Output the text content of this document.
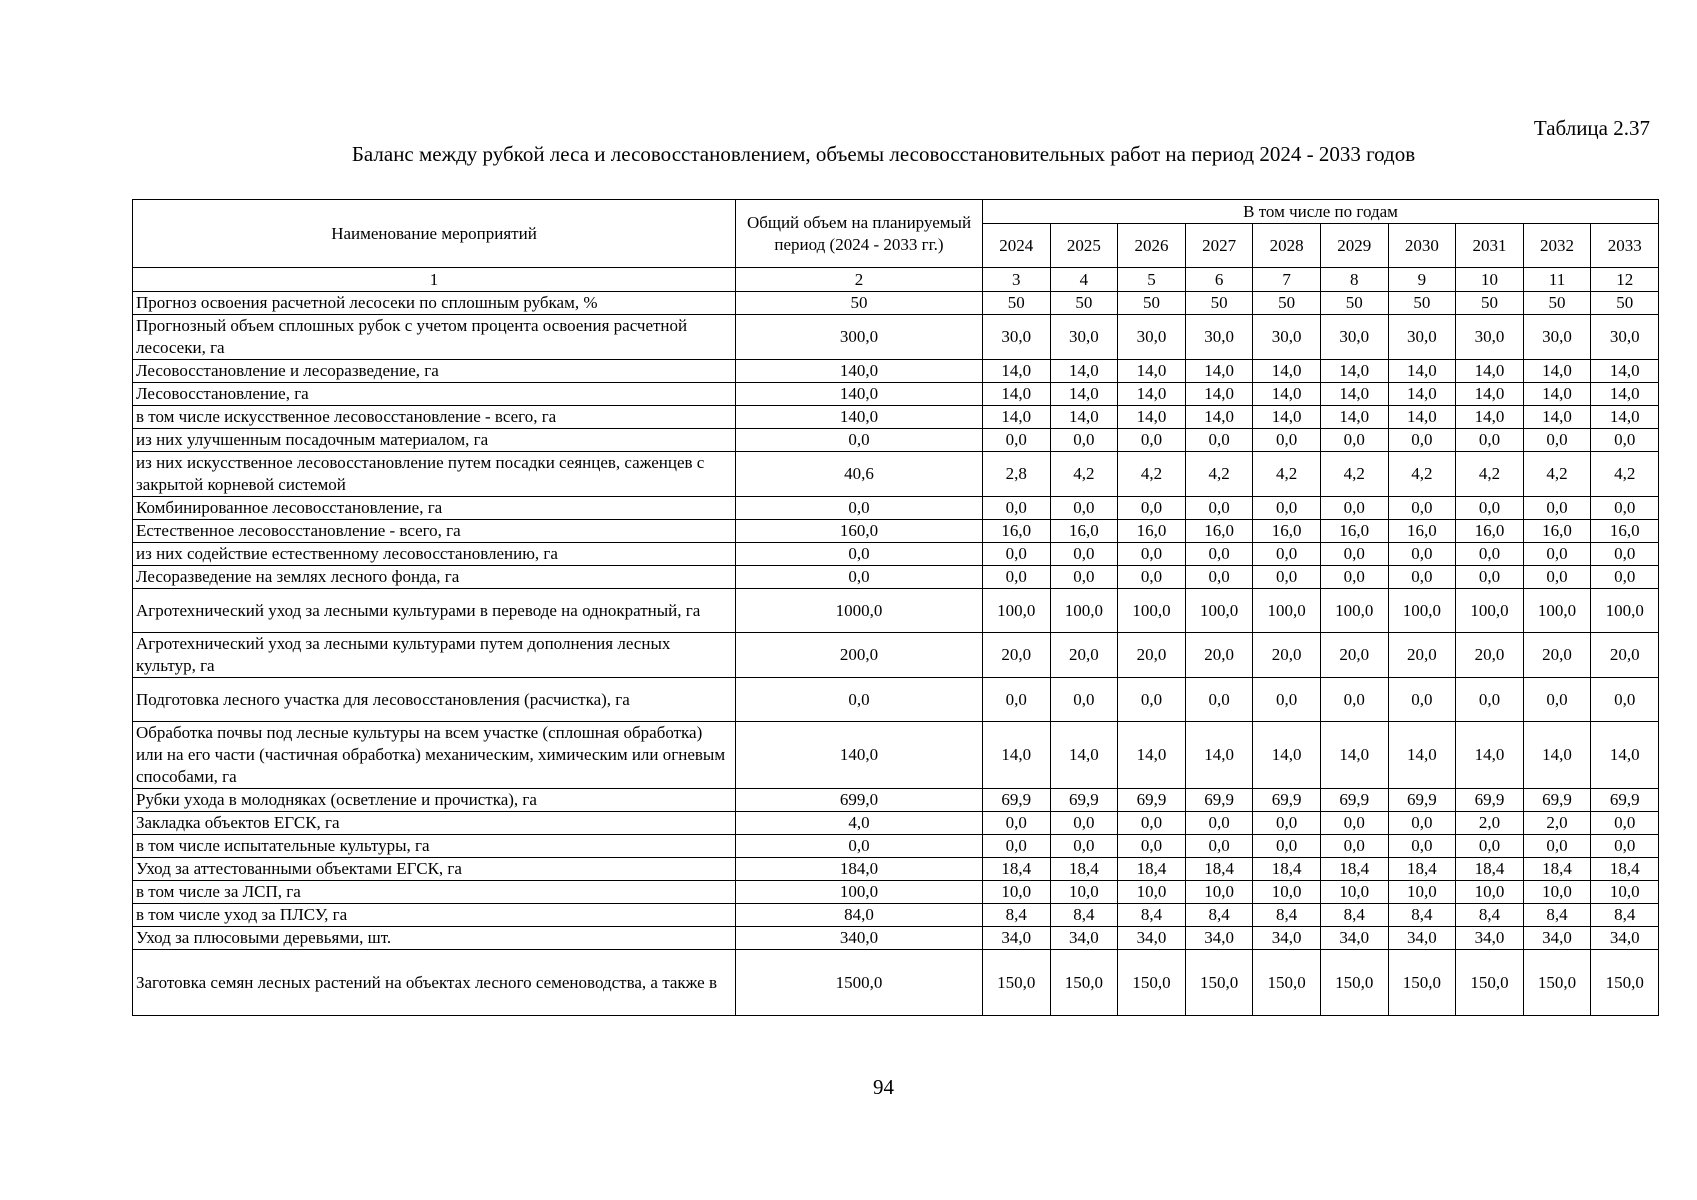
Таблица 2.37
Баланс между рубкой леса и лесовосстановлением, объемы лесовосстановительных работ на период 2024 - 2033 годов
Наименование мероприятий	Общий объем на планируемый период (2024 - 2033 гг.)	В том числе по годам									
		2024	2025	2026	2027	2028	2029	2030	2031	2032	2033
1	2	3	4	5	6	7	8	9	10	11	12
Прогноз освоения расчетной лесосеки по сплошным рубкам, %	50	50	50	50	50	50	50	50	50	50	50
Прогнозный объем сплошных рубок с учетом процента освоения расчетной лесосеки, га	300,0	30,0	30,0	30,0	30,0	30,0	30,0	30,0	30,0	30,0	30,0
Лесовосстановление и лесоразведение, га	140,0	14,0	14,0	14,0	14,0	14,0	14,0	14,0	14,0	14,0	14,0
Лесовосстановление, га	140,0	14,0	14,0	14,0	14,0	14,0	14,0	14,0	14,0	14,0	14,0
в том числе искусственное лесовосстановление - всего, га	140,0	14,0	14,0	14,0	14,0	14,0	14,0	14,0	14,0	14,0	14,0
из них улучшенным посадочным материалом, га	0,0	0,0	0,0	0,0	0,0	0,0	0,0	0,0	0,0	0,0	0,0
из них искусственное лесовосстановление путем посадки сеянцев, саженцев с закрытой корневой системой	40,6	2,8	4,2	4,2	4,2	4,2	4,2	4,2	4,2	4,2	4,2
Комбинированное лесовосстановление, га	0,0	0,0	0,0	0,0	0,0	0,0	0,0	0,0	0,0	0,0	0,0
Естественное лесовосстановление - всего, га	160,0	16,0	16,0	16,0	16,0	16,0	16,0	16,0	16,0	16,0	16,0
из них содействие естественному лесовосстановлению, га	0,0	0,0	0,0	0,0	0,0	0,0	0,0	0,0	0,0	0,0	0,0
Лесоразведение на землях лесного фонда, га	0,0	0,0	0,0	0,0	0,0	0,0	0,0	0,0	0,0	0,0	0,0
Агротехнический уход за лесными культурами в переводе на однократный, га	1000,0	100,0	100,0	100,0	100,0	100,0	100,0	100,0	100,0	100,0	100,0
Агротехнический уход за лесными культурами путем дополнения лесных культур, га	200,0	20,0	20,0	20,0	20,0	20,0	20,0	20,0	20,0	20,0	20,0
Подготовка лесного участка для лесовосстановления (расчистка), га	0,0	0,0	0,0	0,0	0,0	0,0	0,0	0,0	0,0	0,0	0,0
Обработка почвы под лесные культуры на всем участке (сплошная обработка) или на его части (частичная обработка) механическим, химическим или огневым способами, га	140,0	14,0	14,0	14,0	14,0	14,0	14,0	14,0	14,0	14,0	14,0
Рубки ухода в молодняках (осветление и прочистка), га	699,0	69,9	69,9	69,9	69,9	69,9	69,9	69,9	69,9	69,9	69,9
Закладка объектов ЕГСК, га	4,0	0,0	0,0	0,0	0,0	0,0	0,0	0,0	2,0	2,0	0,0
в том числе испытательные культуры, га	0,0	0,0	0,0	0,0	0,0	0,0	0,0	0,0	0,0	0,0	0,0
Уход за аттестованными объектами ЕГСК, га	184,0	18,4	18,4	18,4	18,4	18,4	18,4	18,4	18,4	18,4	18,4
в том числе за ЛСП, га	100,0	10,0	10,0	10,0	10,0	10,0	10,0	10,0	10,0	10,0	10,0
в том числе уход за ПЛСУ, га	84,0	8,4	8,4	8,4	8,4	8,4	8,4	8,4	8,4	8,4	8,4
Уход за плюсовыми деревьями, шт.	340,0	34,0	34,0	34,0	34,0	34,0	34,0	34,0	34,0	34,0	34,0
Заготовка семян лесных растений на объектах лесного семеноводства, а также в	1500,0	150,0	150,0	150,0	150,0	150,0	150,0	150,0	150,0	150,0	150,0
94
